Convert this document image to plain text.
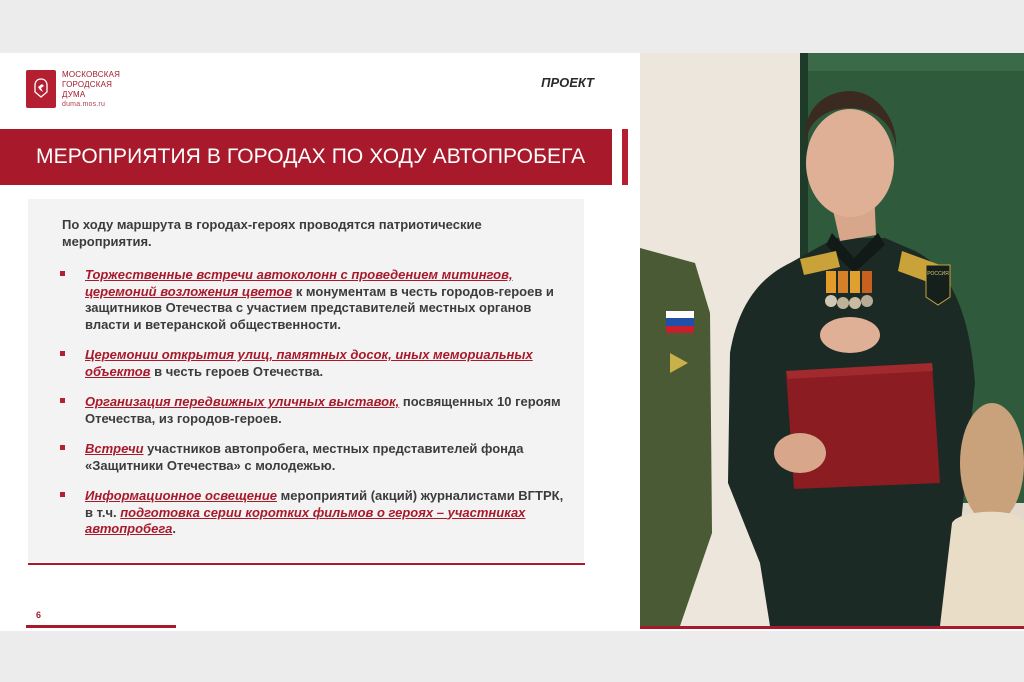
МОСКОВСКАЯ
ГОРОДСКАЯ
ДУМА
duma.mos.ru
ПРОЕКТ
МЕРОПРИЯТИЯ В ГОРОДАХ ПО ХОДУ АВТОПРОБЕГА
По ходу маршрута в городах-героях проводятся патриотические мероприятия.
Торжественные встречи автоколонн с проведением митингов, церемоний возложения цветов к монументам в честь городов-героев и защитников Отечества с участием представителей местных органов власти и ветеранской общественности.
Церемонии открытия улиц, памятных досок, иных мемориальных объектов в честь героев Отечества.
Организация передвижных уличных выставок, посвященных 10 героям Отечества, из городов-героев.
Встречи участников автопробега, местных представителей фонда «Защитники Отечества» с молодежью.
Информационное освещение мероприятий (акций) журналистами ВГТРК, в т.ч. подготовка серии коротких фильмов о героях – участниках автопробега.
6
РОССИЯ
